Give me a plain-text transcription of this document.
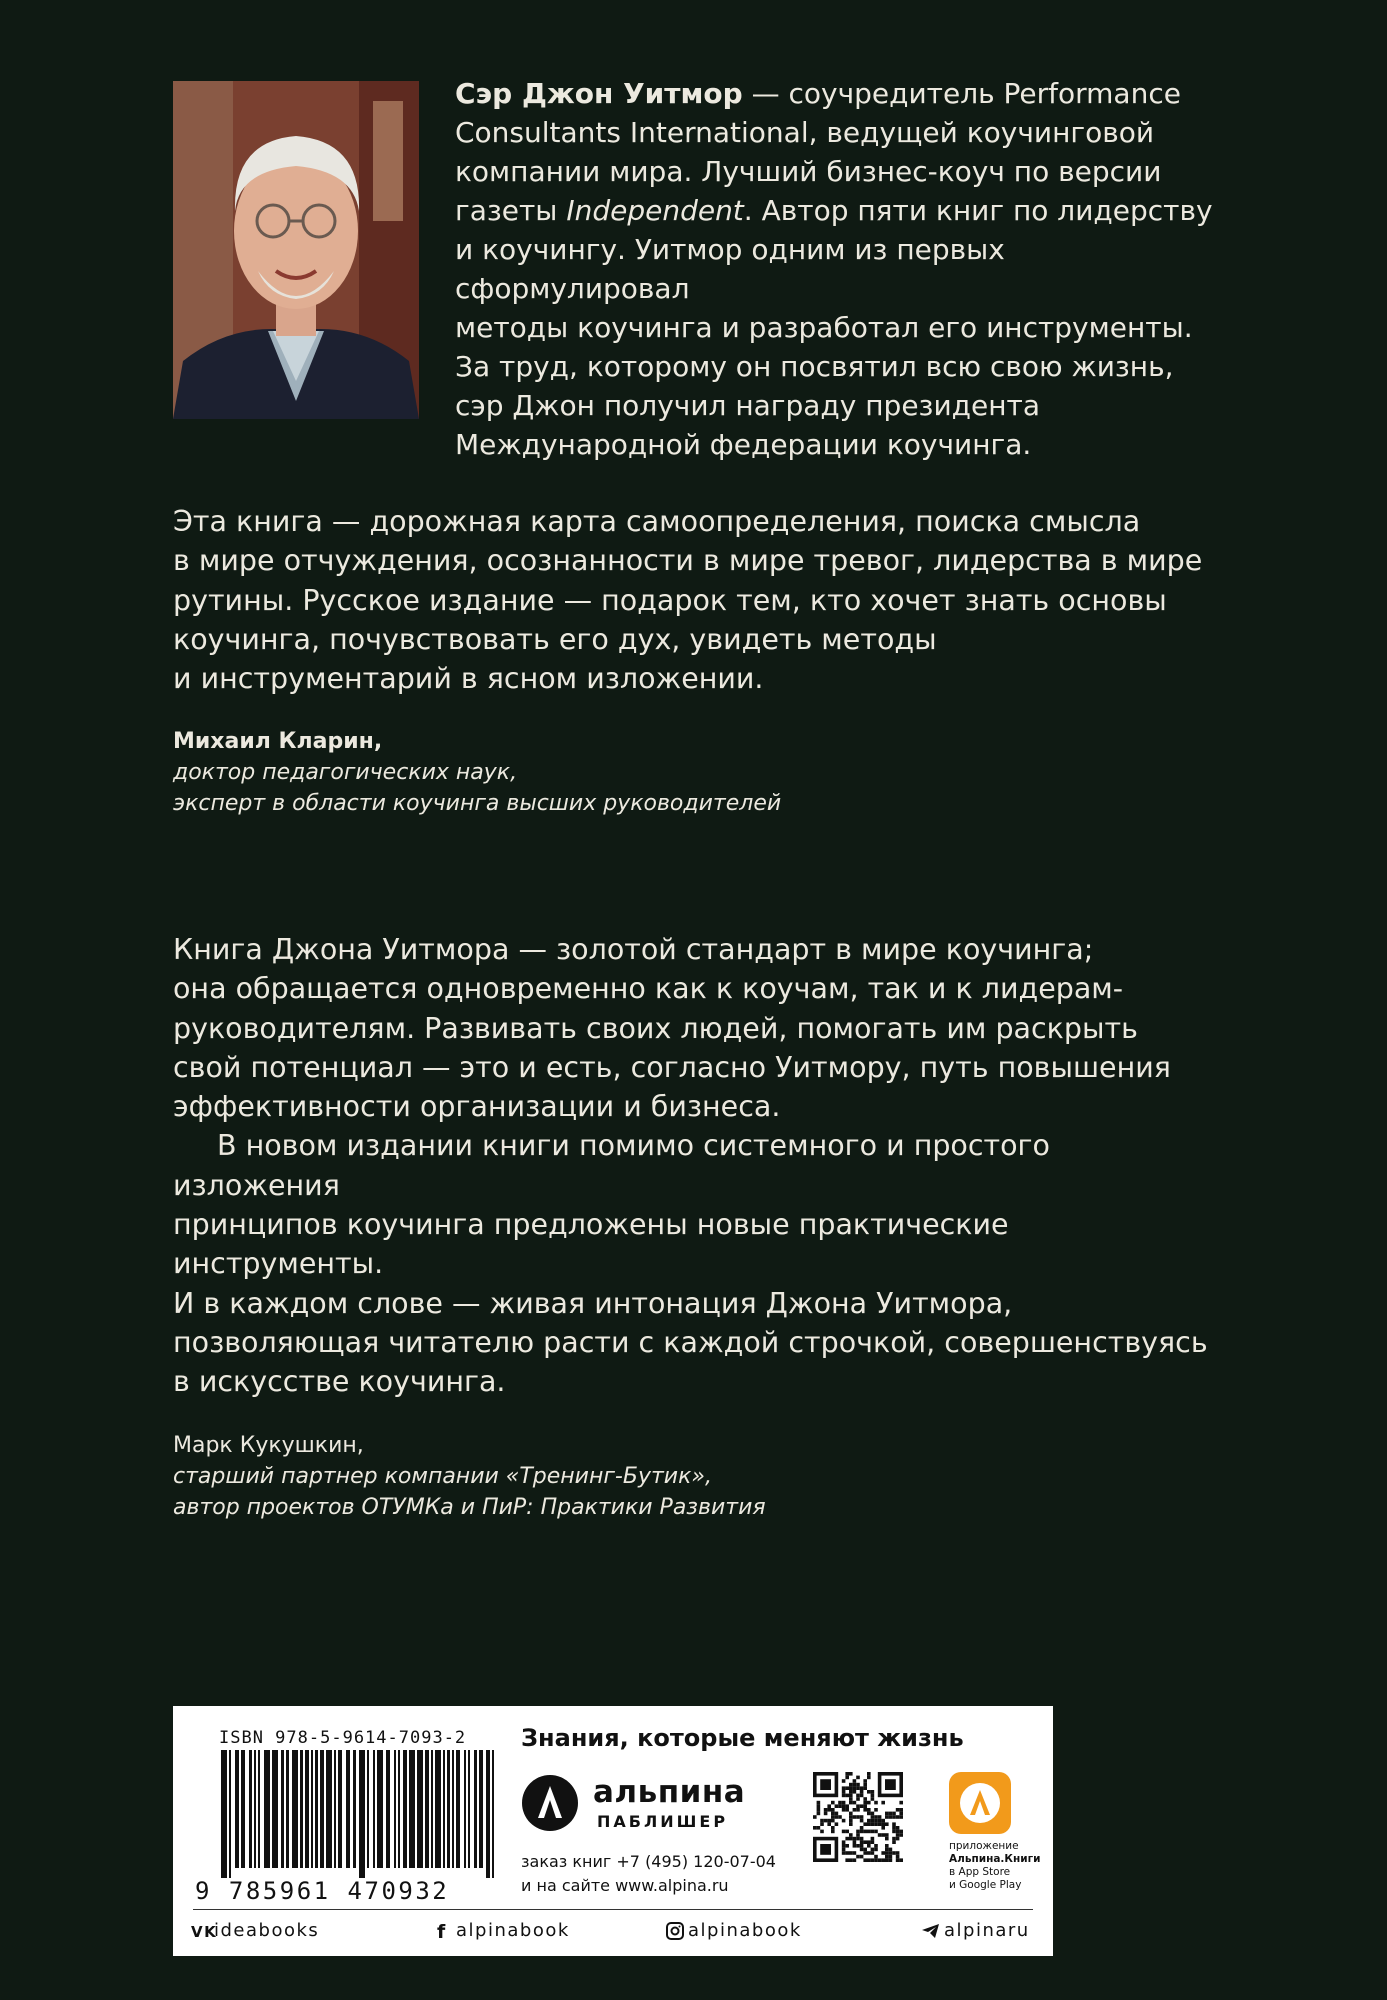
Сэр Джон Уитмор — соучредитель Performance
Consultants International, ведущей коучинговой
компании мира. Лучший бизнес-коуч по версии
газеты Independent. Автор пяти книг по лидерству
и коучингу. Уитмор одним из первых сформулировал
методы коучинга и разработал его инструменты.
За труд, которому он посвятил всю свою жизнь,
сэр Джон получил награду президента
Международной федерации коучинга.

Эта книга — дорожная карта самоопределения, поиска смысла
в мире отчуждения, осознанности в мире тревог, лидерства в мире
рутины. Русское издание — подарок тем, кто хочет знать основы
коучинга, почувствовать его дух, увидеть методы
и инструментарий в ясном изложении.

Михаил Кларин,
доктор педагогических наук,
эксперт в области коучинга высших руководителей

Книга Джона Уитмора — золотой стандарт в мире коучинга;
она обращается одновременно как к коучам, так и к лидерам-
руководителям. Развивать своих людей, помогать им раскрыть
свой потенциал — это и есть, согласно Уитмору, путь повышения
эффективности организации и бизнеса.

В новом издании книги помимо системного и простого изложения
принципов коучинга предложены новые практические инструменты.
И в каждом слове — живая интонация Джона Уитмора,
позволяющая читателю расти с каждой строчкой, совершенствуясь
в искусстве коучинга.

Марк Кукушкин,
старший партнер компании «Тренинг-Бутик»,
автор проектов ОТУМКа и ПиР: Практики Развития
ISBN 978-5-9614-7093-2
9 785961 470932
Знания, которые меняют жизнь
альпина
ПАБЛИШЕР
заказ книг +7 (495) 120-07-04
и на сайте www.alpina.ru
приложение
Альпина.Книги
в App Store
и Google Play
VK
ideabooks	f alpinabook	alpinabook	alpinaru
